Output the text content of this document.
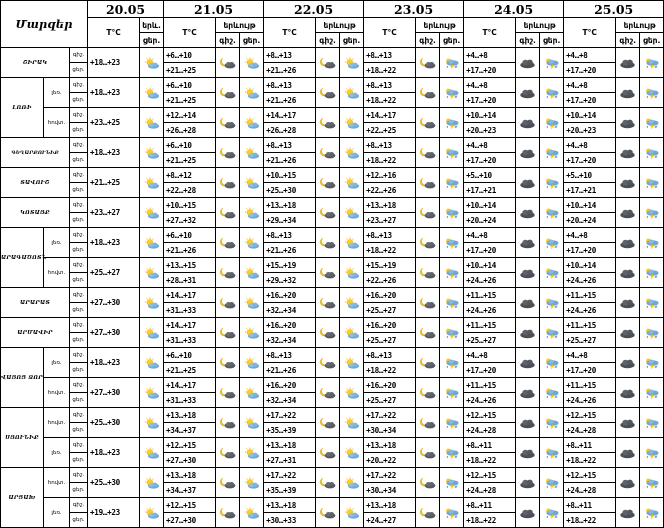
Մարզեր			20.05		21.05			22.05			23.05			24.05			25.05		
			T°C	երև.	T°C	երևույթ		T°C	երևույթ		T°C	երևույթ		T°C	երևույթ		T°C	երևույթ	
				ցեր.		գիշ.	ցեր.		գիշ.	ցեր.		գիշ.	ցեր.		գիշ.	ցեր.		գիշ.	ցեր.
ՇԻՐԱԿ		գիշ.	+18…+23		+6…+10			+8…+13			+8…+13			+4…+8			+4…+8	

		ցեր.			+21…+25			+21…+26			+18…+22			+17…+20			+17…+20		
ԼՈՌԻ	լեռ.	գիշ.	+18…+23		+6…+10			+8…+13			+8…+13			+4…+8			+4…+8	

		ցեր.			+21…+25			+21…+26			+18…+22			+17…+20			+17…+20		
	հովտ.	գիշ.	+23…+25		+12…+14			+14…+17			+14…+17			+10…+14			+10…+14	

		ցեր.			+26…+28			+26…+28			+22…+25			+20…+23			+20…+23		
ԳԵՂԱՐՔՈՒՆԻՔ		գիշ.	+18…+23		+6…+10			+8…+13			+8…+13			+4…+8			+4…+8	

		ցեր.			+21…+25			+21…+26			+18…+22			+17…+20			+17…+20		
ՏԱՎՈՒՇ		գիշ.	+21…+25		+8…+12			+10…+15			+12…+16			+5…+10			+5…+10	

		ցեր.			+22…+28			+25…+30			+22…+26			+17…+21			+17…+21		
ԿՈՏԱՅՔ		գիշ.	+23…+27		+10…+15			+13…+18			+13…+18			+10…+14			+10…+14	

		ցեր.			+27…+32			+29…+34			+23…+27			+20…+24			+20…+24		
ԱՐԱԳԱԾՈՏՆ	լեռ.	գիշ.	+18…+23		+6…+10			+8…+13			+8…+13			+4…+8			+4…+8	

		ցեր.			+21…+26			+21…+26			+18…+22			+17…+20			+17…+20		
	հովտ.	գիշ.	+25…+27		+13…+15			+15…+19			+15…+19			+10…+14			+10…+14	

		ցեր.			+28…+31			+29…+32			+22…+26			+24…+26			+24…+26		
ԱՐԱՐԱՏ		գիշ.	+27…+30		+14…+17			+16…+20			+16…+20			+11…+15			+11…+15	

		ցեր.			+31…+33			+32…+34			+25…+27			+24…+26			+24…+26		
ԱՐՄԱՎԻՐ		գիշ.	+27…+30		+14…+17			+16…+20			+16…+20			+11…+15			+11…+15	

		ցեր.			+31…+33			+32…+34			+25…+27			+25…+27			+25…+27		
ՎԱՅՈՑ ՁՈՐ	լեռ.	գիշ.	+18…+23		+6…+10			+8…+13			+8…+13			+4…+8			+4…+8	

		ցեր.			+21…+25			+21…+26			+18…+22			+17…+20			+17…+20		
	հովտ.	գիշ.	+27…+30		+14…+17			+16…+20			+16…+20			+11…+15			+11…+15	

		ցեր.			+31…+33			+32…+34			+25…+27			+24…+26			+24…+26		
ՍՅՈՒՆԻՔ	հովտ.	գիշ.	+25…+30		+13…+18			+17…+22			+17…+22			+12…+15			+12…+15	

		ցեր.			+34…+37			+35…+39			+30…+34			+24…+28			+24…+28		
	լեռ.	գիշ.	+18…+23		+12…+15			+13…+18			+13…+18			+8…+11			+8…+11	

		ցեր.			+27…+30			+27…+31			+20…+22			+18…+22			+18…+22		
ԱՐՑԱԽ	հովտ.	գիշ.	+25…+30		+13…+18			+17…+22			+17…+22			+12…+15			+12…+15	

		ցեր.			+34…+37			+35…+39			+30…+34			+24…+28			+24…+28		
	լեռ.	գիշ.	+19…+23		+12…+15			+13…+18			+13…+18			+8…+11			+8…+11	

		ցեր.			+27…+30			+30…+33			+24…+27			+18…+22			+18…+22		
